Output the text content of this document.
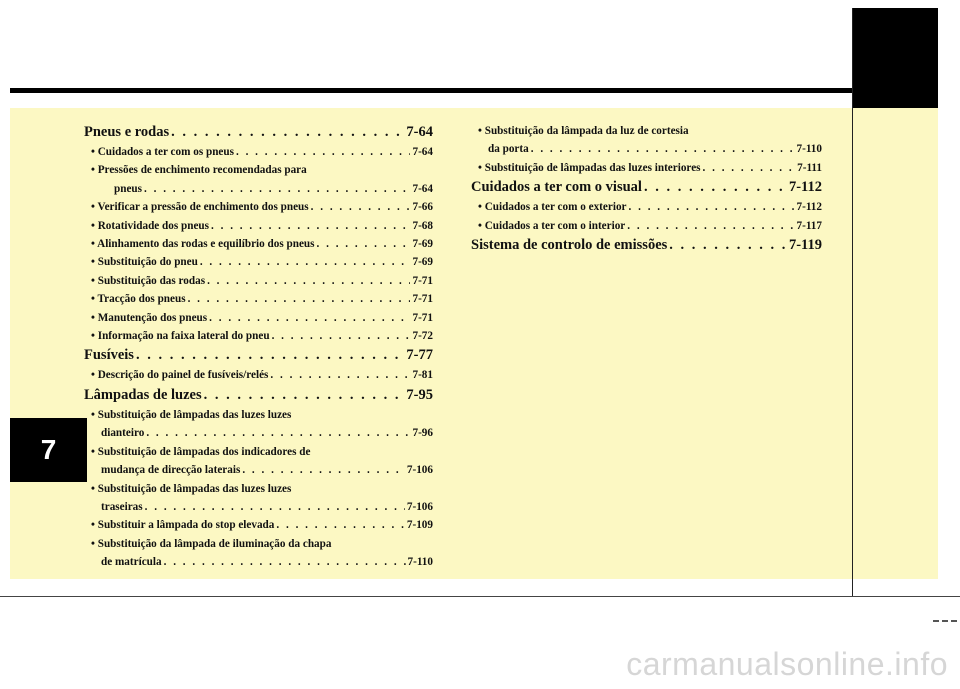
Pneus e rodas . . .	7-64
• Cuidados a ter com os pneus . . .	7-64
• Pressões de enchimento recomendadas para
pneus . . .	7-64
• Verificar a pressão de enchimento dos pneus . . .	7-66
• Rotatividade dos pneus . . .	7-68
• Alinhamento das rodas e equilíbrio dos pneus . . .	7-69
• Substituição do pneu . . .	7-69
• Substituição das rodas . . .	7-71
• Tracção dos pneus . . .	7-71
• Manutenção dos pneus . . .	7-71
• Informação na faixa lateral do pneu . . .	7-72
Fusíveis . . .	7-77
• Descrição do painel de fusíveis/relés . . .	7-81
Lâmpadas de luzes . . .	7-95
• Substituição de lâmpadas das luzes luzes
dianteiro . . .	7-96
• Substituição de lâmpadas dos indicadores de
mudança de direcção laterais . . .	7-106
• Substituição de lâmpadas das luzes luzes
traseiras . . .	7-106
• Substituir a lâmpada do stop elevada . . .	7-109
• Substituição da lâmpada de iluminação da chapa
de matrícula . . .	7-110
• Substituição da lâmpada da luz de cortesia
da porta . . .	7-110
• Substituição de lâmpadas das luzes interiores . . .	7-111
Cuidados a ter com o visual . . .	7-112
• Cuidados a ter com o exterior . . .	7-112
• Cuidados a ter com o interior . . .	7-117
Sistema de controlo de emissões . . .	7-119
7
carmanualsonline.info
